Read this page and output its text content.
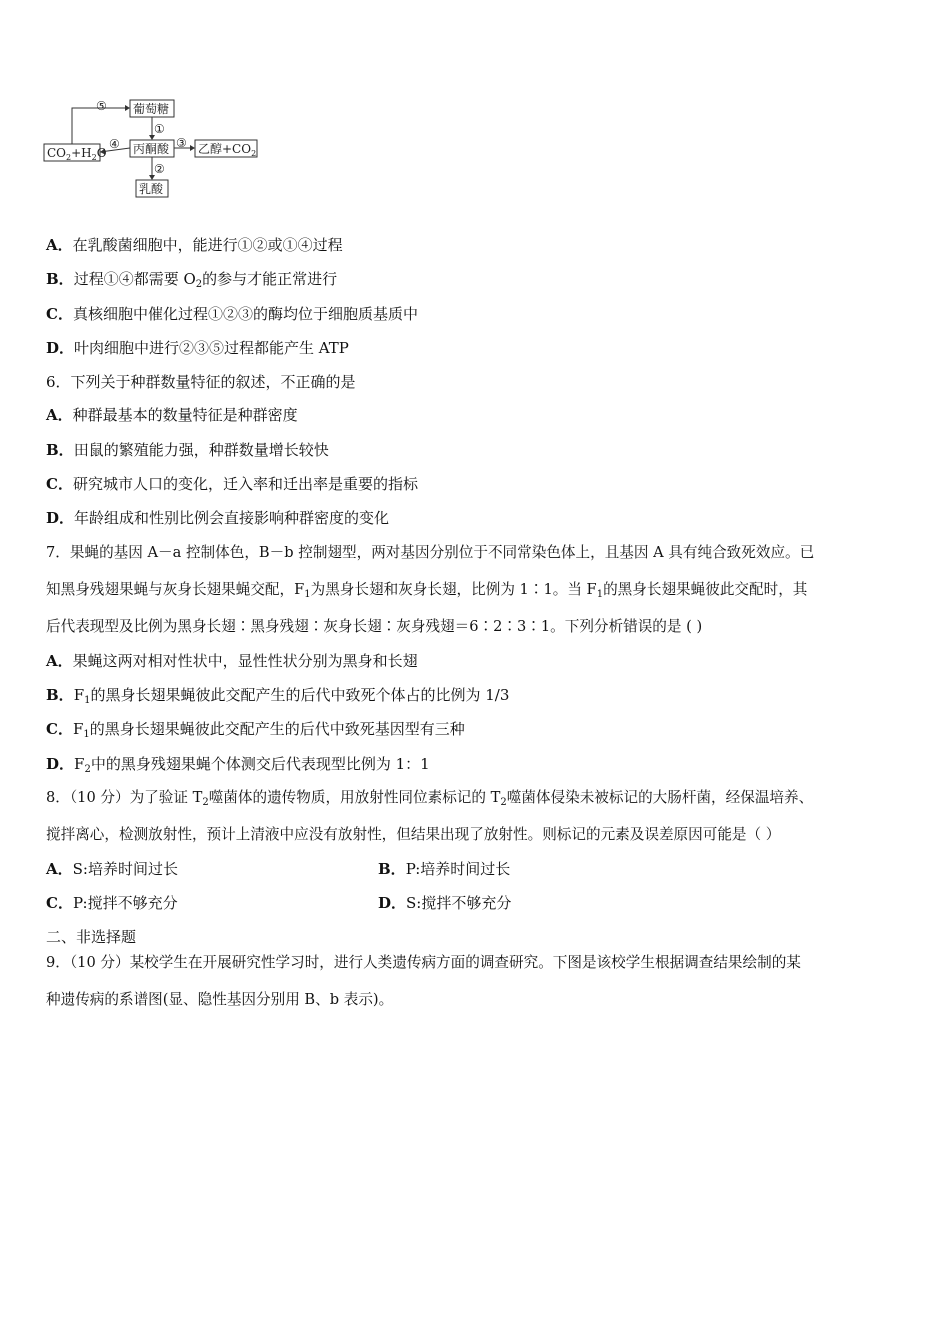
葡萄糖
丙酮酸
乳酸
$CO_2+H_2O$	乙醇$+CO_2$
⑤
①
②
③
④
A．在乳酸菌细胞中，能进行①②或①④过程
B．过程①④都需要 $O_2$的参与才能正常进行
C．真核细胞中催化过程①②③的酶均位于细胞质基质中
D．叶肉细胞中进行②③⑤过程都能产生 ATP
6．下列关于种群数量特征的叙述，不正确的是
A．种群最基本的数量特征是种群密度
B．田鼠的繁殖能力强，种群数量增长较快
C．研究城市人口的变化，迁入率和迁出率是重要的指标
D．年龄组成和性别比例会直接影响种群密度的变化
7．果蝇的基因 A－a 控制体色，B－b 控制翅型，两对基因分别位于不同常染色体上，且基因 A 具有纯合致死效应。已
知黑身残翅果蝇与灰身长翅果蝇交配，$F_1$为黑身长翅和灰身长翅，比例为 1∶1。当 $F_1$的黑身长翅果蝇彼此交配时，其
后代表现型及比例为黑身长翅∶黑身残翅∶灰身长翅∶灰身残翅＝6∶2∶3∶1。下列分析错误的是 ( )
A．果蝇这两对相对性状中，显性性状分别为黑身和长翅
B．$F_1$的黑身长翅果蝇彼此交配产生的后代中致死个体占的比例为 1/3
C．$F_1$的黑身长翅果蝇彼此交配产生的后代中致死基因型有三种
D．$F_2$中的黑身残翅果蝇个体测交后代表现型比例为 1：1
8．（10 分）为了验证 $T_2$噬菌体的遗传物质，用放射性同位素标记的 $T_2$噬菌体侵染未被标记的大肠杆菌，经保温培养、
搅拌离心，检测放射性，预计上清液中应没有放射性，但结果出现了放射性。则标记的元素及误差原因可能是（ ）
A．S:培养时间过长	B．P:培养时间过长
C．P:搅拌不够充分	D．S:搅拌不够充分
二、非选择题
9．（10 分）某校学生在开展研究性学习时，进行人类遗传病方面的调查研究。下图是该校学生根据调查结果绘制的某
种遗传病的系谱图(显、隐性基因分别用 B、b 表示)。
